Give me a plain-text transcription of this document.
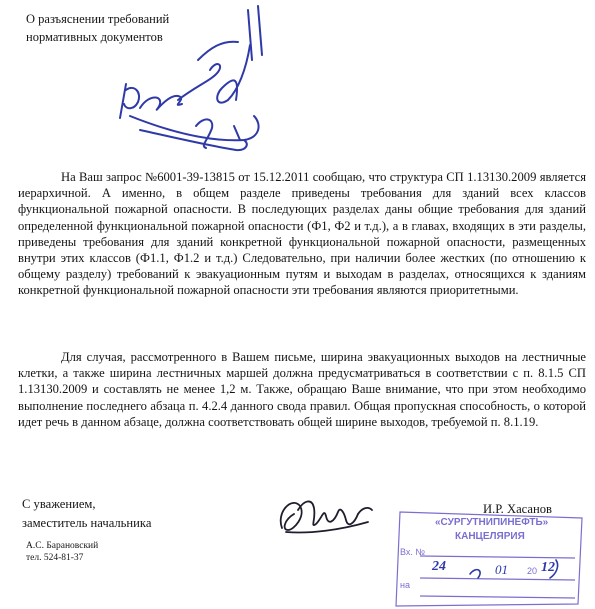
О разъяснении требований
нормативных документов

На Ваш запрос №6001-39-13815 от 15.12.2011 сообщаю, что структура СП 1.13130.2009 является иерархичной. А именно, в общем разделе приведены требования для зданий всех классов функциональной пожарной опасности. В последующих разделах даны общие требования для зданий определенной функциональной пожарной опасности (Ф1, Ф2 и т.д.), а в главах, входящих в эти разделы, приведены требования для зданий конкретной функциональной пожарной опасности, размещенных внутри этих классов (Ф1.1, Ф1.2 и т.д.) Следовательно, при наличии более жестких (по отношению к общему разделу) требований к эвакуационным путям и выходам в разделах, относящихся к зданиям конкретной функциональной пожарной опасности эти требования являются приоритетными.

Для случая, рассмотренного в Вашем письме, ширина эвакуационных выходов на лестничные клетки, а также ширина лестничных маршей должна предусматриваться в соответствии с п. 8.1.5 СП 1.13130.2009 и составлять не менее 1,2 м. Также, обращаю Ваше внимание, что при этом необходимо выполнение последнего абзаца п. 4.2.4 данного свода правил. Общая пропускная способность, о которой идет речь в данном абзаце, должна соответствовать общей ширине выходов, требуемой п. 8.1.19.

С уважением,
заместитель начальника
И.Р. Хасанов
А.С. Барановский
тел. 524-81-37
«СУРГУТНИПИНЕФТЬ»
КАНЦЕЛЯРИЯ
Вх. №
24	01 20 12
на
